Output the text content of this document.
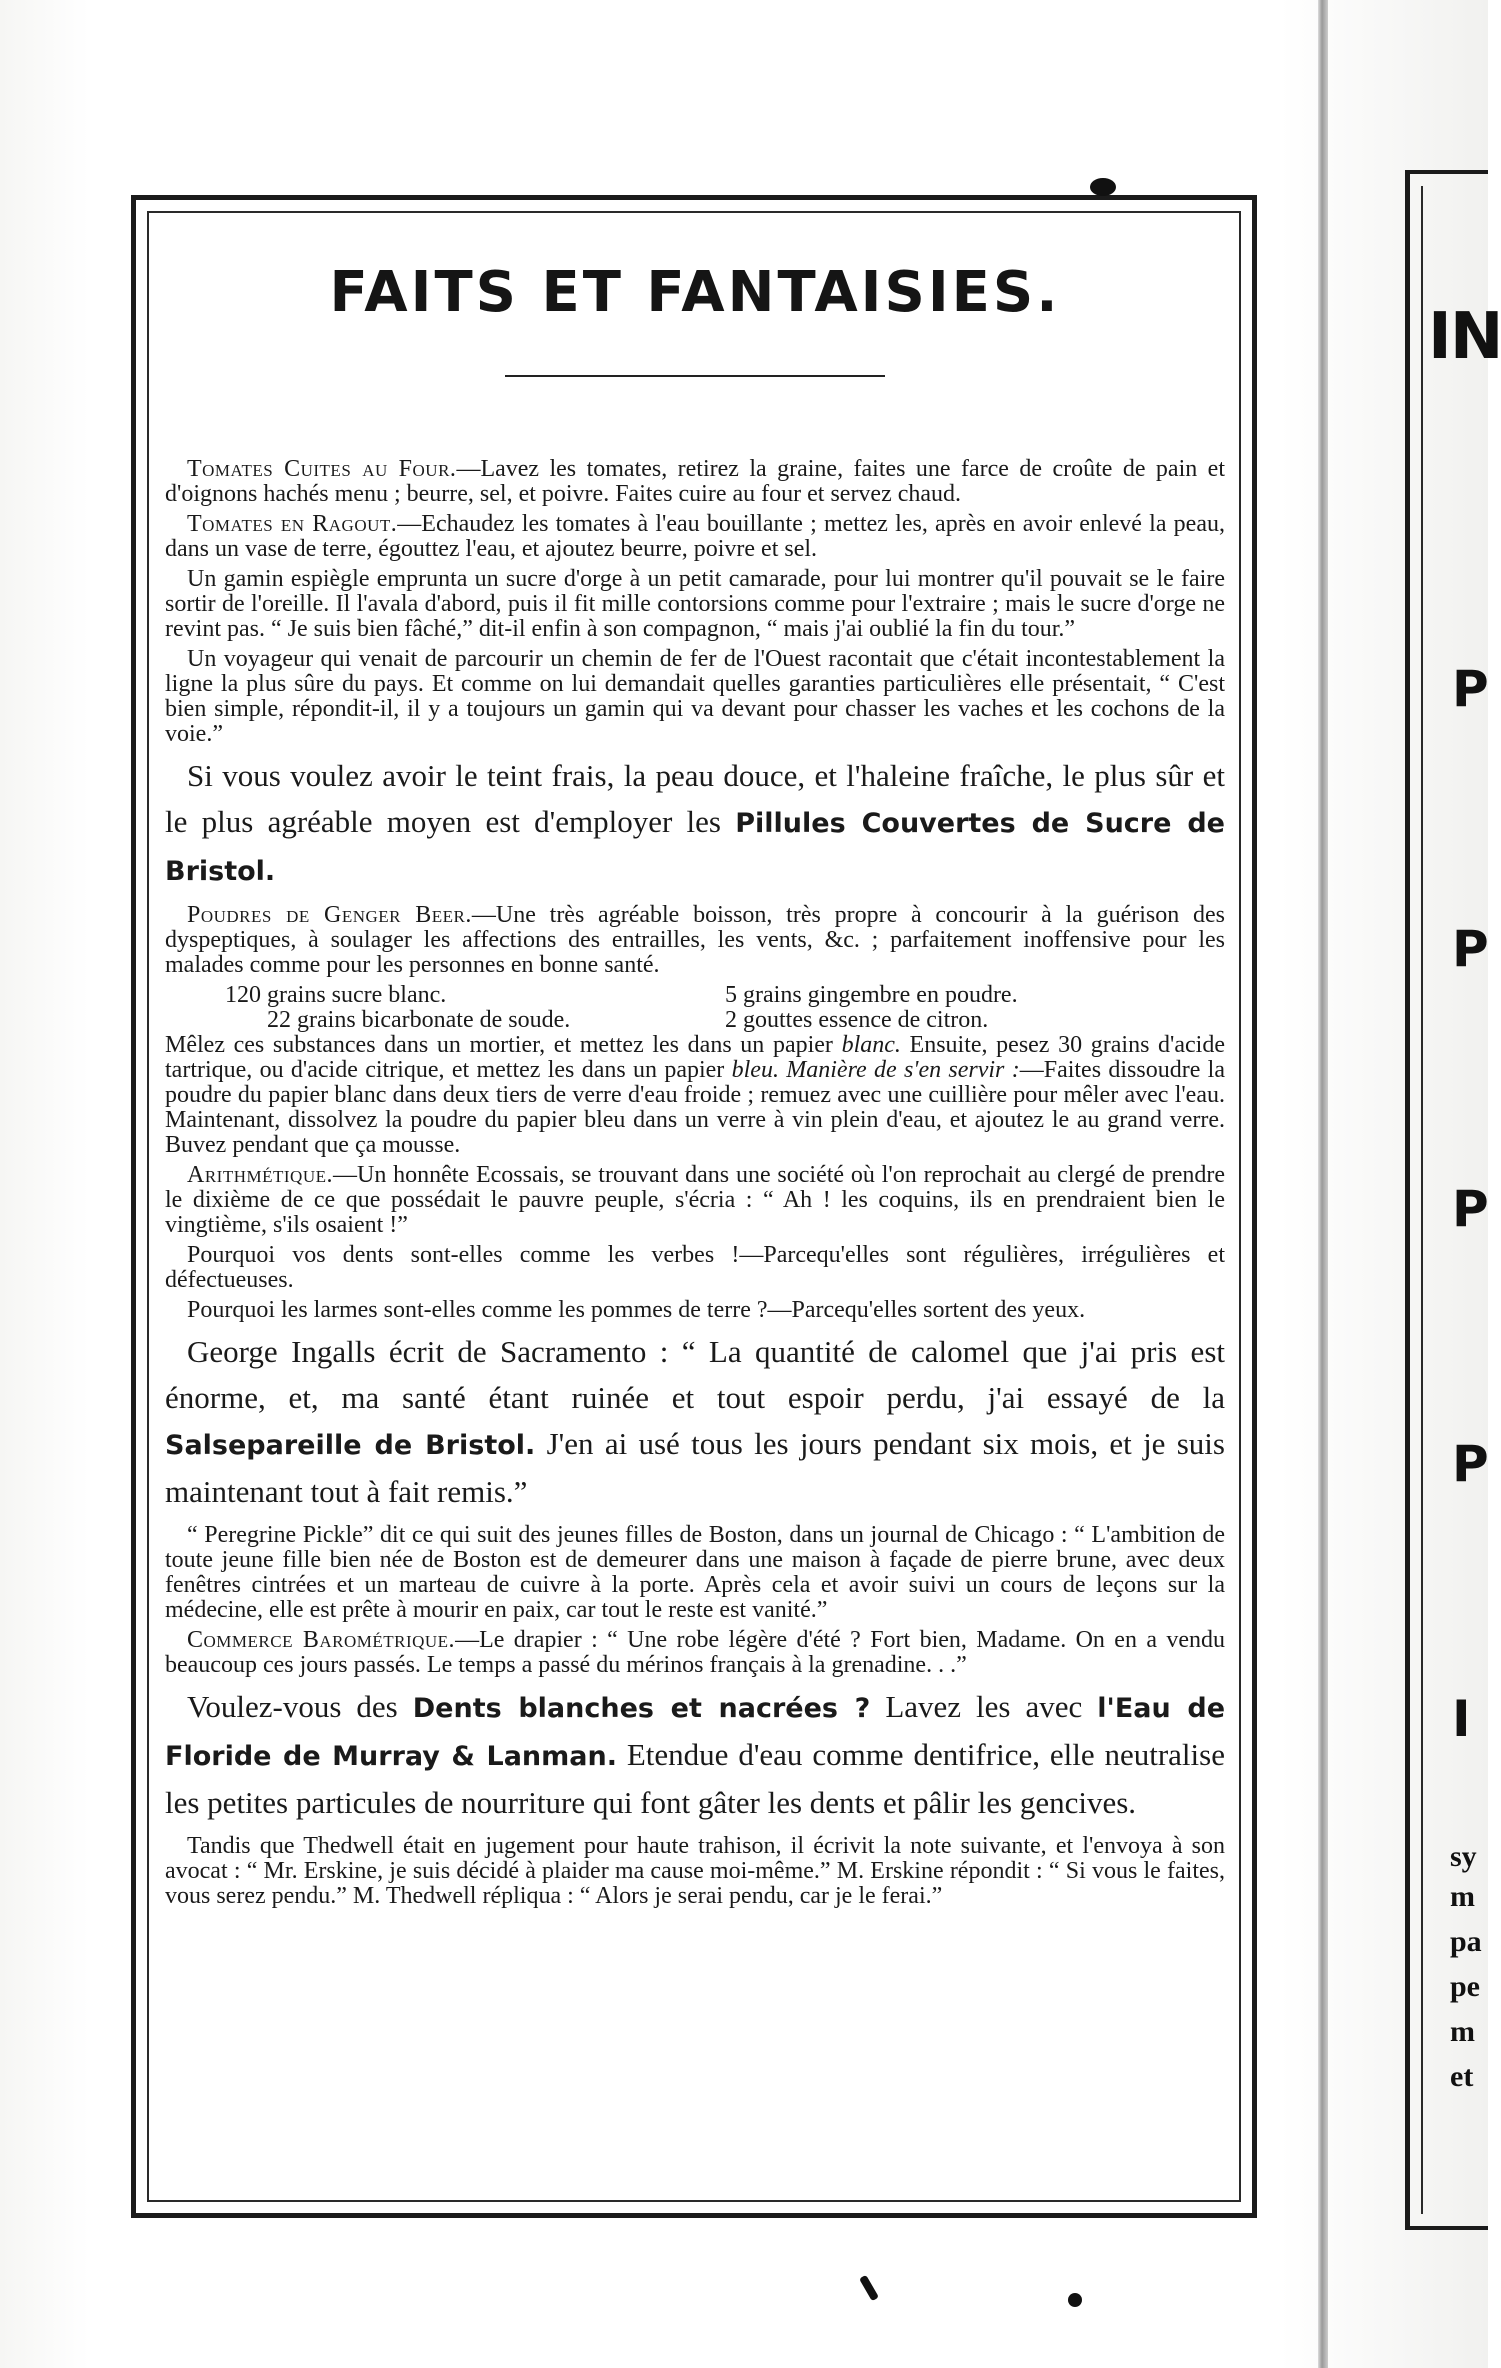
FAITS ET FANTAISIES.

Tomates Cuites au Four.—Lavez les tomates, retirez la graine, faites une farce de croûte de pain et d'oignons hachés menu ; beurre, sel, et poivre. Faites cuire au four et servez chaud.

Tomates en Ragout.—Echaudez les tomates à l'eau bouillante ; mettez les, après en avoir enlevé la peau, dans un vase de terre, égouttez l'eau, et ajoutez beurre, poivre et sel.

Un gamin espiègle emprunta un sucre d'orge à un petit camarade, pour lui montrer qu'il pouvait se le faire sortir de l'oreille. Il l'avala d'abord, puis il fit mille contorsions comme pour l'extraire ; mais le sucre d'orge ne revint pas. “ Je suis bien fâché,” dit-il enfin à son compagnon, “ mais j'ai oublié la fin du tour.”

Un voyageur qui venait de parcourir un chemin de fer de l'Ouest racontait que c'était incontestablement la ligne la plus sûre du pays. Et comme on lui demandait quelles garanties particulières elle présentait, “ C'est bien simple, répondit-il, il y a toujours un gamin qui va devant pour chasser les vaches et les cochons de la voie.”

Si vous voulez avoir le teint frais, la peau douce, et l'haleine fraîche, le plus sûr et le plus agréable moyen est d'employer les Pillules Couvertes de Sucre de Bristol.

Poudres de Genger Beer.—Une très agréable boisson, très propre à concourir à la guérison des dyspeptiques, à soulager les affections des entrailles, les vents, &c. ; parfaitement inoffensive pour les malades comme pour les personnes en bonne santé.

120 grains sucre blanc.	5 grains gingembre en poudre.
22 grains bicarbonate de soude.	2 gouttes essence de citron.

Mêlez ces substances dans un mortier, et mettez les dans un papier blanc. Ensuite, pesez 30 grains d'acide tartrique, ou d'acide citrique, et mettez les dans un papier bleu. Manière de s'en servir :—Faites dissoudre la poudre du papier blanc dans deux tiers de verre d'eau froide ; remuez avec une cuillière pour mêler avec l'eau. Maintenant, dissolvez la poudre du papier bleu dans un verre à vin plein d'eau, et ajoutez le au grand verre. Buvez pendant que ça mousse.

Arithmétique.—Un honnête Ecossais, se trouvant dans une société où l'on reprochait au clergé de prendre le dixième de ce que possédait le pauvre peuple, s'écria : “ Ah ! les coquins, ils en prendraient bien le vingtième, s'ils osaient !”

Pourquoi vos dents sont-elles comme les verbes !—Parcequ'elles sont régulières, irrégulières et défectueuses.

Pourquoi les larmes sont-elles comme les pommes de terre ?—Parcequ'elles sortent des yeux.

George Ingalls écrit de Sacramento : “ La quantité de calomel que j'ai pris est énorme, et, ma santé étant ruinée et tout espoir perdu, j'ai essayé de la Salsepareille de Bristol. J'en ai usé tous les jours pendant six mois, et je suis maintenant tout à fait remis.”

“ Peregrine Pickle” dit ce qui suit des jeunes filles de Boston, dans un journal de Chicago : “ L'ambition de toute jeune fille bien née de Boston est de demeurer dans une maison à façade de pierre brune, avec deux fenêtres cintrées et un marteau de cuivre à la porte. Après cela et avoir suivi un cours de leçons sur la médecine, elle est prête à mourir en paix, car tout le reste est vanité.”

Commerce Barométrique.—Le drapier : “ Une robe légère d'été ? Fort bien, Madame. On en a vendu beaucoup ces jours passés. Le temps a passé du mérinos français à la grenadine. . .”

Voulez-vous des Dents blanches et nacrées ? Lavez les avec l'Eau de Floride de Murray & Lanman. Etendue d'eau comme dentifrice, elle neutralise les petites particules de nourriture qui font gâter les dents et pâlir les gencives.

Tandis que Thedwell était en jugement pour haute trahison, il écrivit la note suivante, et l'envoya à son avocat : “ Mr. Erskine, je suis décidé à plaider ma cause moi-même.” M. Erskine répondit : “ Si vous le faites, vous serez pendu.” M. Thedwell répliqua : “ Alors je serai pendu, car je le ferai.”

IN
P
P
P
P
I
sy
m
pa
pe
m
et
